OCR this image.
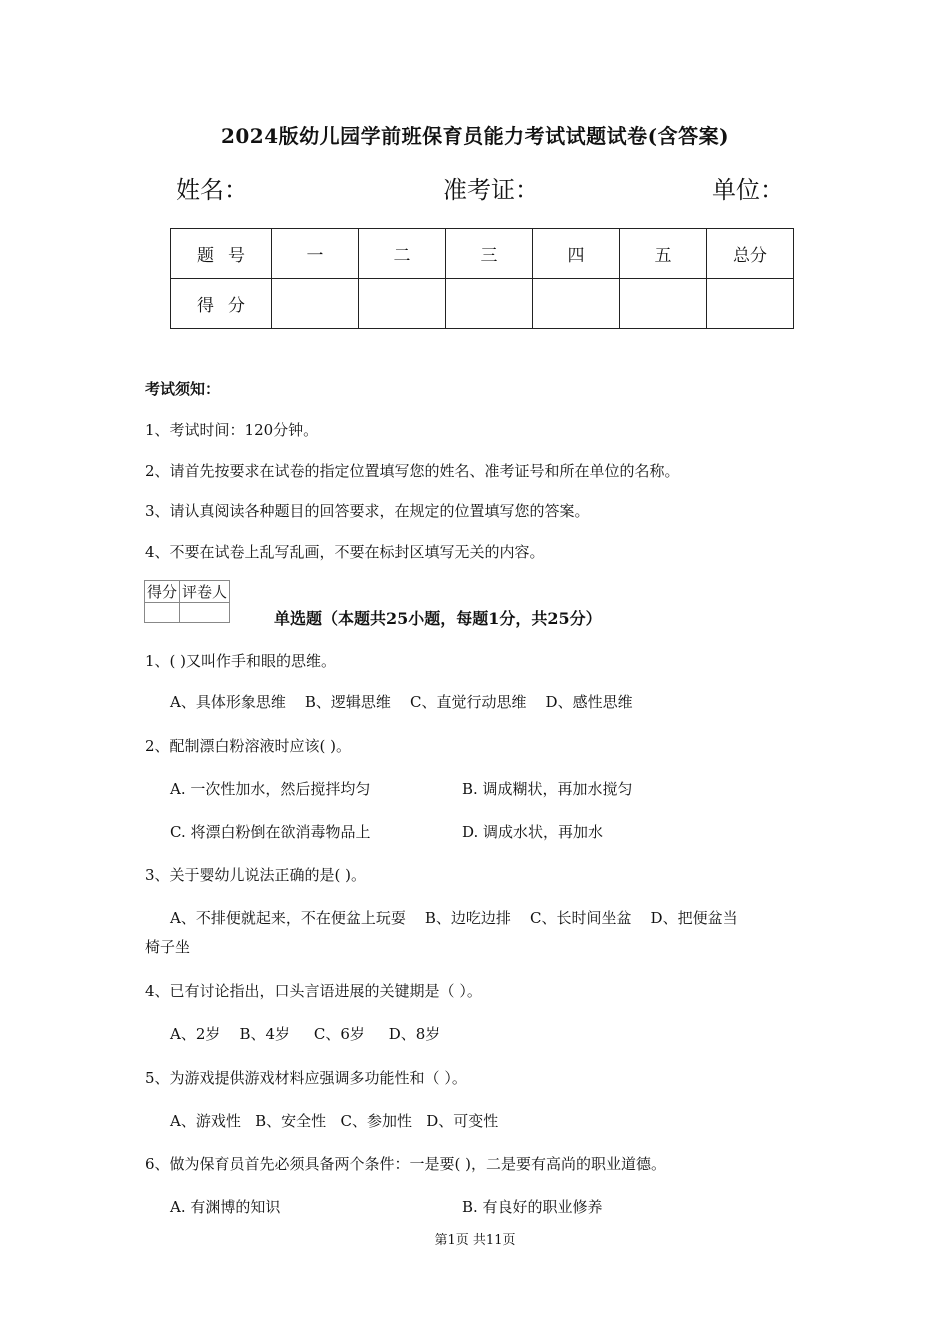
2024版幼儿园学前班保育员能力考试试题试卷(含答案)
姓名：	准考证：	单位：
题号	一	二	三	四	五	总分
得分						
考试须知：
1、考试时间：120分钟。
2、请首先按要求在试卷的指定位置填写您的姓名、准考证号和所在单位的名称。
3、请认真阅读各种题目的回答要求，在规定的位置填写您的答案。
4、不要在试卷上乱写乱画，不要在标封区填写无关的内容。
得分	评卷人

单选题（本题共25小题，每题1分，共25分）
1、( )又叫作手和眼的思维。
A、具体形象思维    B、逻辑思维    C、直觉行动思维    D、感性思维
2、配制漂白粉溶液时应该( )。
A. 一次性加水，然后搅拌均匀	B. 调成糊状，再加水搅匀
C. 将漂白粉倒在欲消毒物品上	D. 调成水状，再加水
3、关于婴幼儿说法正确的是( )。
A、不排便就起来，不在便盆上玩耍    B、边吃边排    C、长时间坐盆    D、把便盆当
椅子坐
4、已有讨论指出，口头言语进展的关键期是（ ）。
A、2岁    B、4岁     C、6岁     D、8岁
5、为游戏提供游戏材料应强调多功能性和（ ）。
A、游戏性   B、安全性   C、参加性   D、可变性
6、做为保育员首先必须具备两个条件：一是要( )，二是要有高尚的职业道德。
A. 有渊博的知识	B. 有良好的职业修养
第1页 共11页
